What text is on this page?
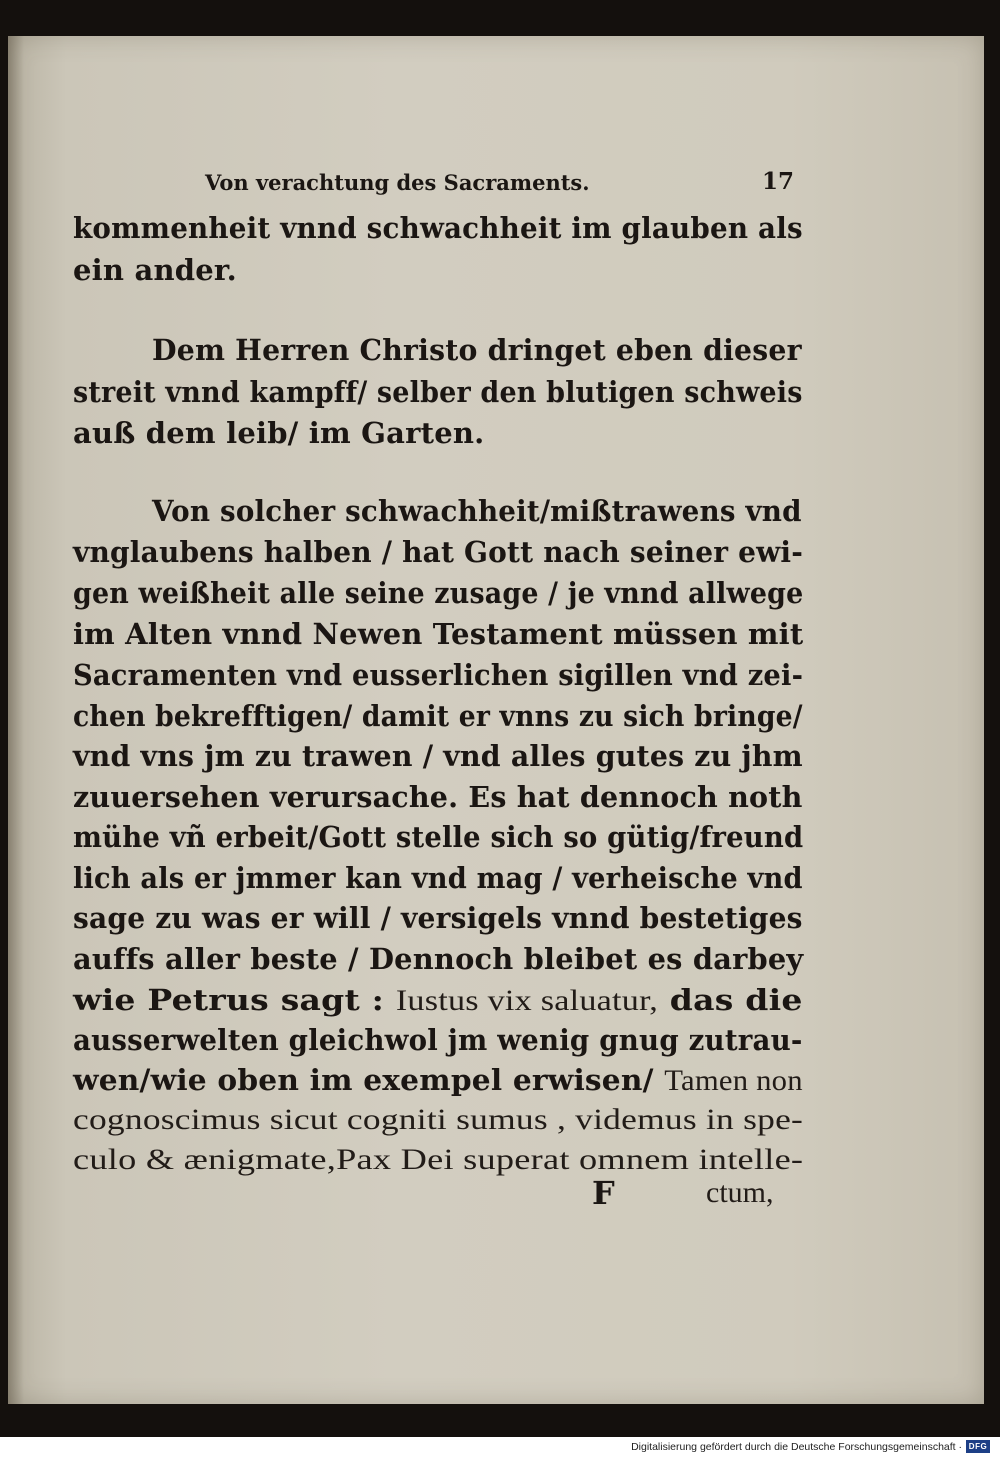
Von verachtung des Sacraments.	17
kommenheit vnnd schwachheit im glauben als
ein ander.
Dem Herren Christo dringet eben dieser
streit vnnd kampff/ selber den blutigen schweis
auß dem leib/ im Garten.
Von solcher schwachheit/mißtrawens vnd
vnglaubens halben / hat Gott nach seiner ewi-
gen weißheit alle seine zusage / je vnnd allwege
im Alten vnnd Newen Testament müssen mit
Sacramenten vnd eusserlichen sigillen vnd zei-
chen bekrefftigen/ damit er vnns zu sich bringe/
vnd vns jm zu trawen / vnd alles gutes zu jhm
zuuersehen verursache. Es hat dennoch noth
mühe vñ erbeit/Gott stelle sich so gütig/freund
lich als er jmmer kan vnd mag / verheische vnd
sage zu was er will / versigels vnnd bestetiges
auffs aller beste / Dennoch bleibet es darbey
wie Petrus sagt : Iustus vix saluatur, das die
ausserwelten gleichwol jm wenig gnug zutrau-
wen/wie oben im exempel erwisen/ Tamen non
cognoscimus sicut cogniti sumus , videmus in spe-
culo & ænigmate,Pax Dei superat omnem intelle-
F	ctum,
Digitalisierung gefördert durch die Deutsche Forschungsgemeinschaft · DFG
